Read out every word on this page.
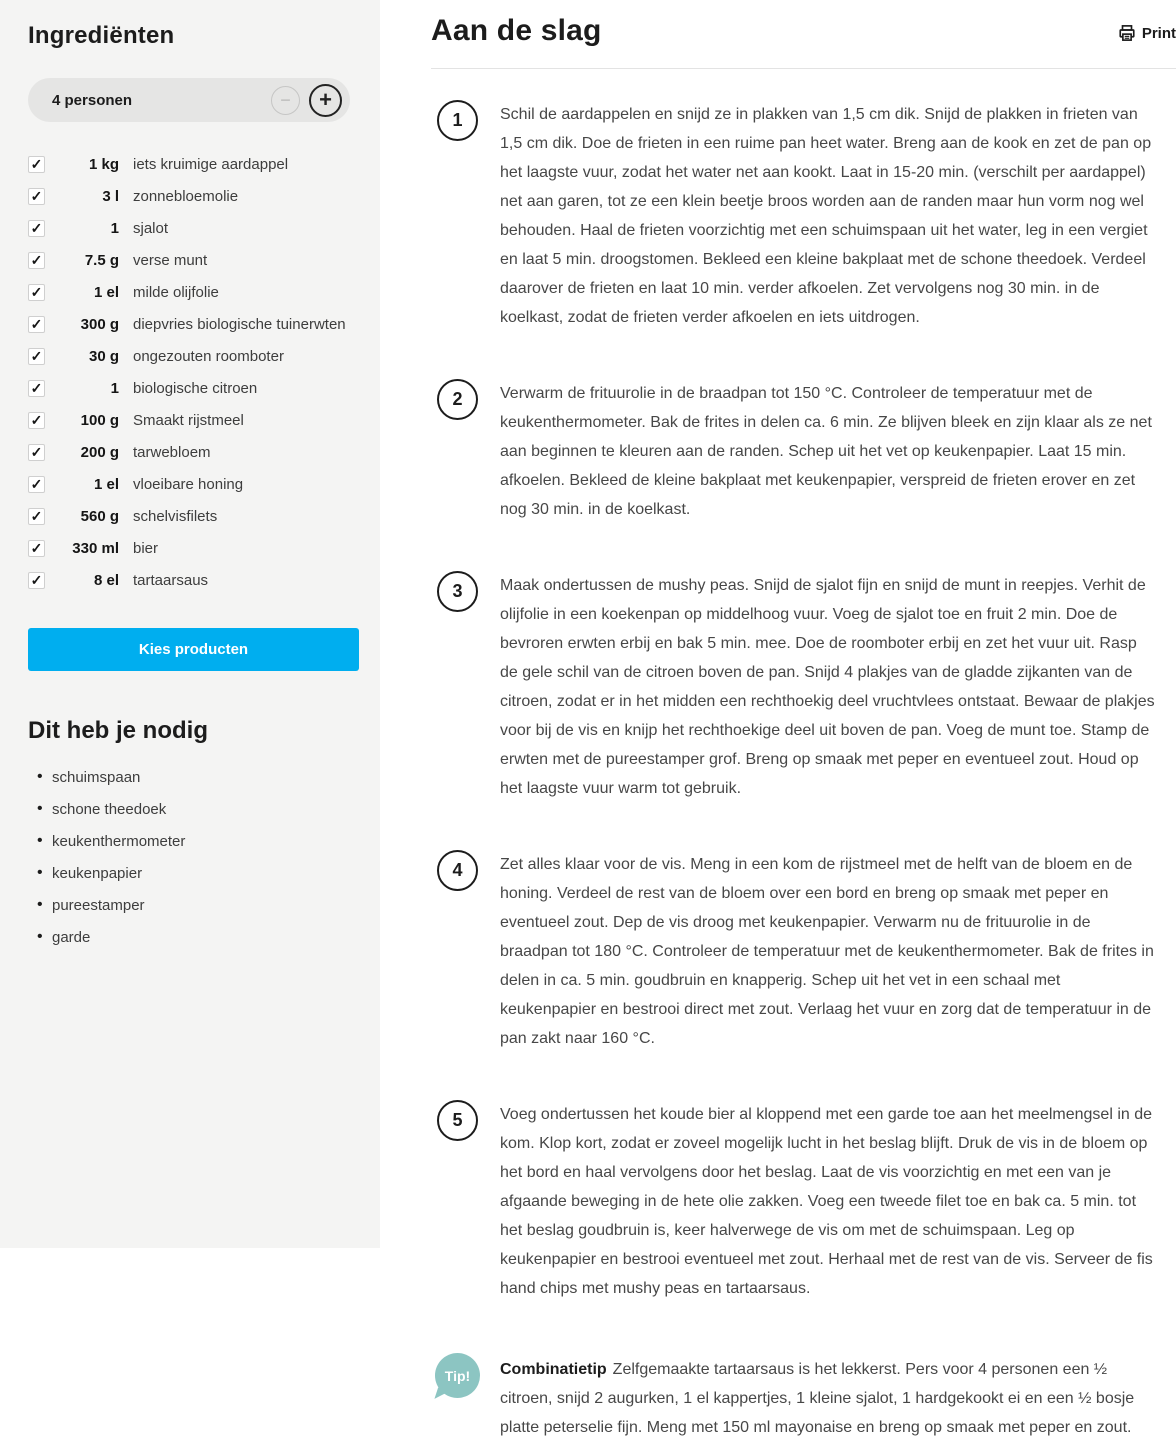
Ingrediënten
4 personen	−	+
✓	1 kg iets kruimige aardappel
✓	3 l zonnebloemolie
✓	1 sjalot
✓	7.5 g verse munt
✓	1 el milde olijfolie
✓	300 g diepvries biologische tuinerwten
✓	30 g ongezouten roomboter
✓	1 biologische citroen
✓	100 g Smaakt rijstmeel
✓	200 g tarwebloem
✓	1 el vloeibare honing
✓	560 g schelvisfilets
✓	330 ml bier
✓	8 el tartaarsaus
Kies producten
Dit heb je nodig
• schuimspaan
• schone theedoek
• keukenthermometer
• keukenpapier
• pureestamper
• garde
Aan de slag	Print
1	Schil de aardappelen en snijd ze in plakken van 1,5 cm dik. Snijd de plakken in frieten van 1,5 cm dik. Doe de frieten in een ruime pan heet water. Breng aan de kook en zet de pan op het laagste vuur, zodat het water net aan kookt. Laat in 15-20 min. (verschilt per aardappel) net aan garen, tot ze een klein beetje broos worden aan de randen maar hun vorm nog wel behouden. Haal de frieten voorzichtig met een schuimspaan uit het water, leg in een vergiet en laat 5 min. droogstomen. Bekleed een kleine bakplaat met de schone theedoek. Verdeel daarover de frieten en laat 10 min. verder afkoelen. Zet vervolgens nog 30 min. in de koelkast, zodat de frieten verder afkoelen en iets uitdrogen.

2	Verwarm de frituurolie in de braadpan tot 150 °C. Controleer de temperatuur met de keukenthermometer. Bak de frites in delen ca. 6 min. Ze blijven bleek en zijn klaar als ze net aan beginnen te kleuren aan de randen. Schep uit het vet op keukenpapier. Laat 15 min. afkoelen. Bekleed de kleine bakplaat met keukenpapier, verspreid de frieten erover en zet nog 30 min. in de koelkast.

3	Maak ondertussen de mushy peas. Snijd de sjalot fijn en snijd de munt in reepjes. Verhit de olijfolie in een koekenpan op middelhoog vuur. Voeg de sjalot toe en fruit 2 min. Doe de bevroren erwten erbij en bak 5 min. mee. Doe de roomboter erbij en zet het vuur uit. Rasp de gele schil van de citroen boven de pan. Snijd 4 plakjes van de gladde zijkanten van de citroen, zodat er in het midden een rechthoekig deel vruchtvlees ontstaat. Bewaar de plakjes voor bij de vis en knijp het rechthoekige deel uit boven de pan. Voeg de munt toe. Stamp de erwten met de pureestamper grof. Breng op smaak met peper en eventueel zout. Houd op het laagste vuur warm tot gebruik.

4	Zet alles klaar voor de vis. Meng in een kom de rijstmeel met de helft van de bloem en de honing. Verdeel de rest van de bloem over een bord en breng op smaak met peper en eventueel zout. Dep de vis droog met keukenpapier. Verwarm nu de frituurolie in de braadpan tot 180 °C. Controleer de temperatuur met de keukenthermometer. Bak de frites in delen in ca. 5 min. goudbruin en knapperig. Schep uit het vet in een schaal met keukenpapier en bestrooi direct met zout. Verlaag het vuur en zorg dat de temperatuur in de pan zakt naar 160 °C.

5	Voeg ondertussen het koude bier al kloppend met een garde toe aan het meelmengsel in de kom. Klop kort, zodat er zoveel mogelijk lucht in het beslag blijft. Druk de vis in de bloem op het bord en haal vervolgens door het beslag. Laat de vis voorzichtig en met een van je afgaande beweging in de hete olie zakken. Voeg een tweede filet toe en bak ca. 5 min. tot het beslag goudbruin is, keer halverwege de vis om met de schuimspaan. Leg op keukenpapier en bestrooi eventueel met zout. Herhaal met de rest van de vis. Serveer de fis hand chips met mushy peas en tartaarsaus.

Tip!	Combinatietip Zelfgemaakte tartaarsaus is het lekkerst. Pers voor 4 personen een ½ citroen, snijd 2 augurken, 1 el kappertjes, 1 kleine sjalot, 1 hardgekookt ei en een ½ bosje platte peterselie fijn. Meng met 150 ml mayonaise en breng op smaak met peper en zout.
